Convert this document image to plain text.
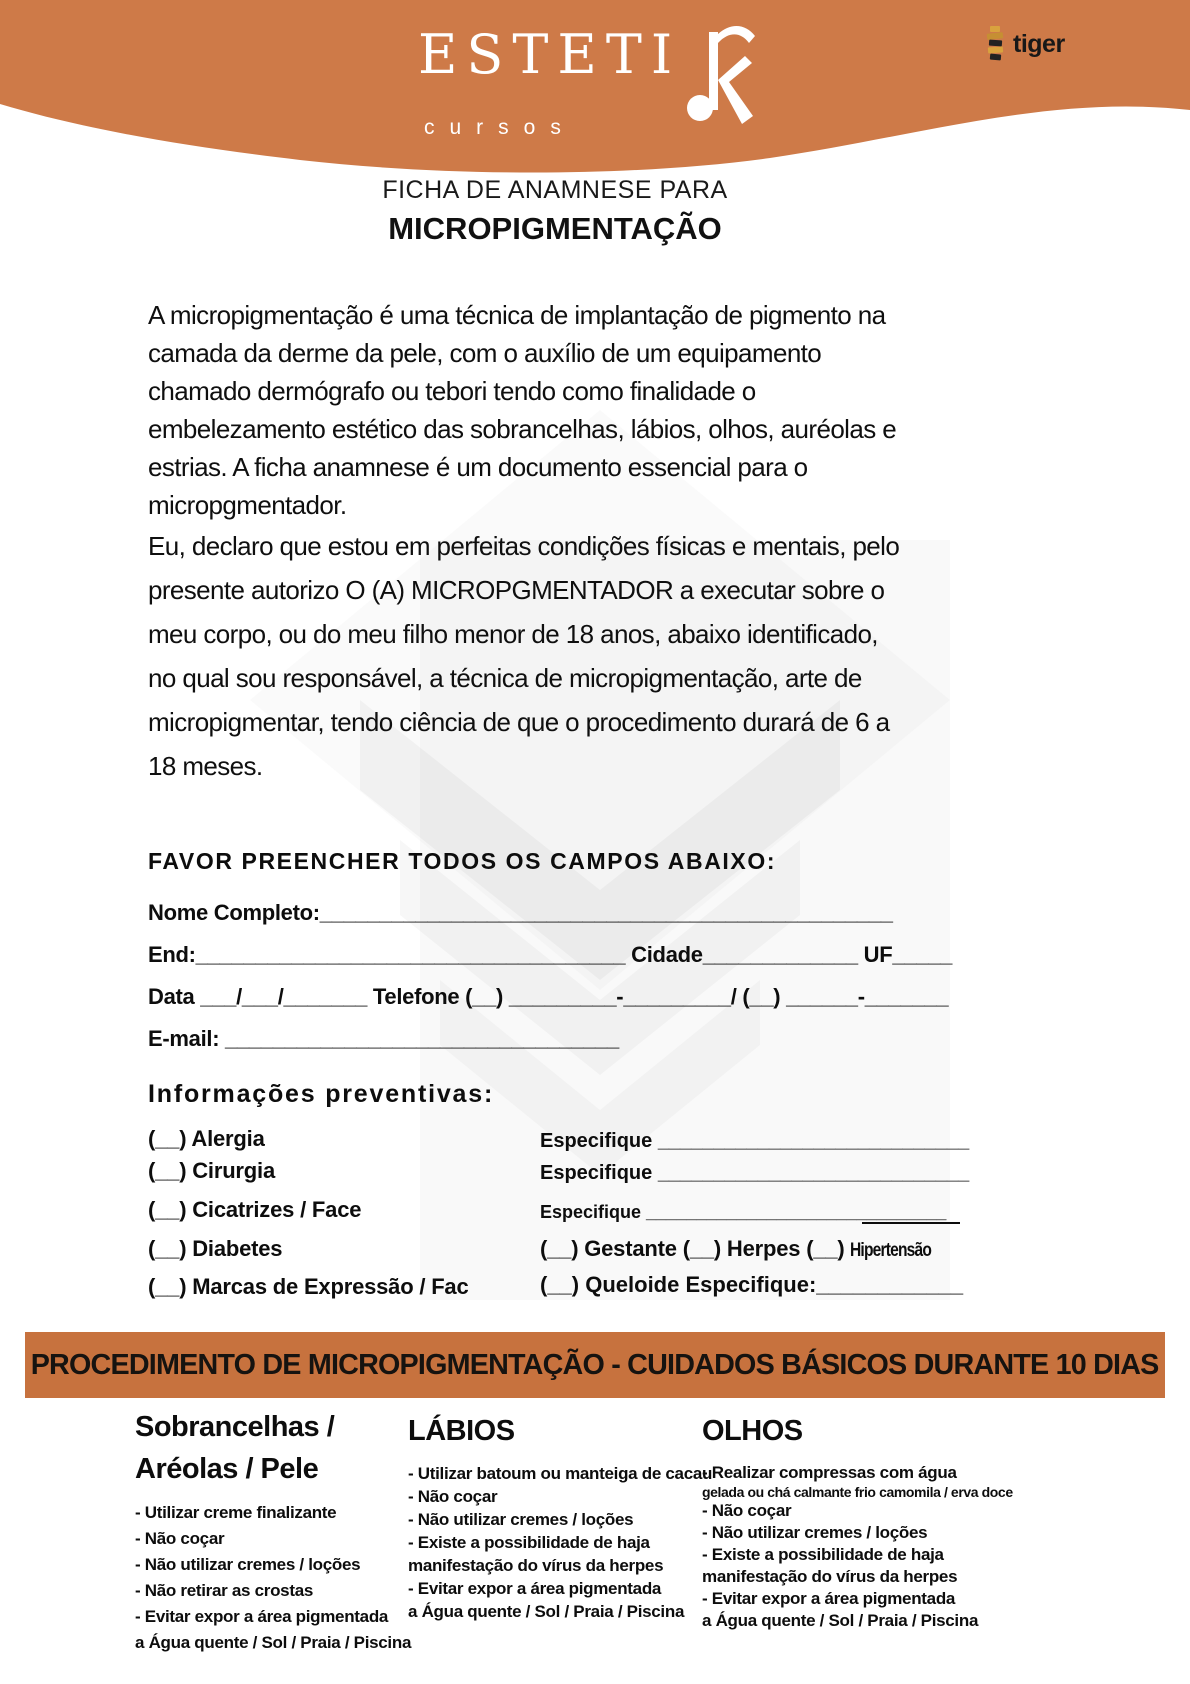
ESTETI
cursos
tiger
FICHA DE ANAMNESE PARA
MICROPIGMENTAÇÃO
A micropigmentação é uma técnica de implantação de pigmento na
camada da derme da pele, com o auxílio de um equipamento
chamado dermógrafo ou tebori tendo como finalidade o
embelezamento estético das sobrancelhas, lábios, olhos, auréolas e
estrias. A ficha anamnese é um documento essencial para o micropgmentador.
Eu, declaro que estou em perfeitas condições físicas e mentais, pelo
presente autorizo O (A) MICROPGMENTADOR a executar sobre o
meu corpo, ou do meu filho menor de 18 anos, abaixo identificado,
no qual sou responsável, a técnica de micropigmentação, arte de
micropigmentar, tendo ciência de que o procedimento durará de 6 a
18 meses.
FAVOR PREENCHER TODOS OS CAMPOS ABAIXO:
Nome Completo:________________________________________________
End:____________________________________ Cidade_____________ UF_____
Data ___/___/_______ Telefone (__) _________-_________/ (__) ______-_______
E-mail: _________________________________
Informações preventivas:
(__) Alergia
(__) Cirurgia
(__) Cicatrizes / Face
(__) Diabetes
(__) Marcas de Expressão / Fac
Especifique ____________________________
Especifique ____________________________
Especifique ______________________________
(__) Gestante (__) Herpes (__) Hipertensão
(__) Queloide Especifique:____________
PROCEDIMENTO DE MICROPIGMENTAÇÃO - CUIDADOS BÁSICOS DURANTE 10 DIAS
Sobrancelhas /
Aréolas / Pele
- Utilizar creme finalizante
- Não coçar
- Não utilizar cremes / loções
- Não retirar as crostas
- Evitar expor a área pigmentada
a Água quente / Sol / Praia / Piscina
LÁBIOS
- Utilizar batoum ou manteiga de cacau
- Não coçar
- Não utilizar cremes / loções
- Existe a possibilidade de haja
manifestação do vírus da herpes
- Evitar expor a área pigmentada
a Água quente / Sol / Praia / Piscina
OLHOS
- Realizar compressas com água
gelada ou chá calmante frio camomila / erva doce
- Não coçar
- Não utilizar cremes / loções
- Existe a possibilidade de haja
manifestação do vírus da herpes
- Evitar expor a área pigmentada
a Água quente / Sol / Praia / Piscina
